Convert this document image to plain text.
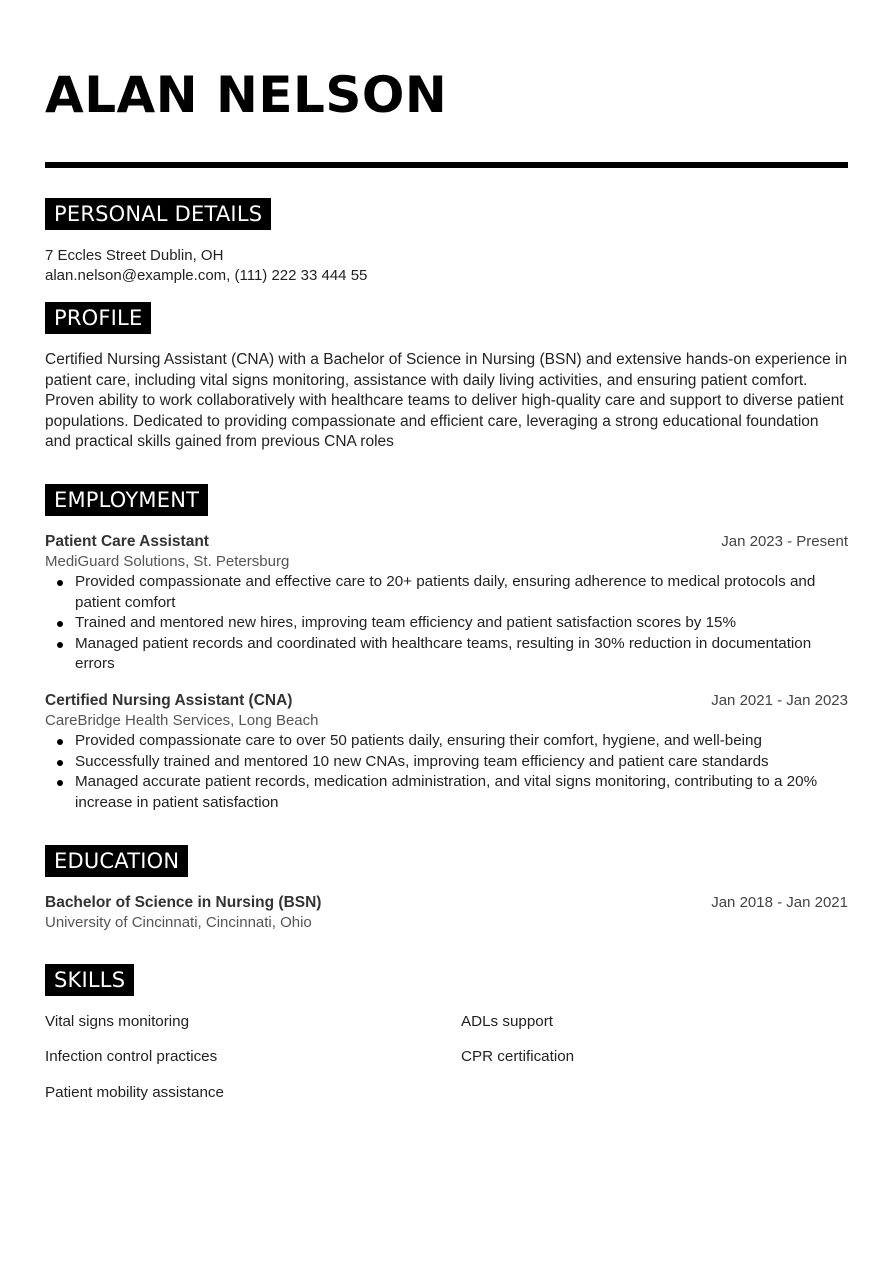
ALAN NELSON
PERSONAL DETAILS
7 Eccles Street Dublin, OH
alan.nelson@example.com, (111) 222 33 444 55
PROFILE

Certified Nursing Assistant (CNA) with a Bachelor of Science in Nursing (BSN) and extensive hands-on experience in patient care, including vital signs monitoring, assistance with daily living activities, and ensuring patient comfort. Proven ability to work collaboratively with healthcare teams to deliver high-quality care and support to diverse patient populations. Dedicated to providing compassionate and efficient care, leveraging a strong educational foundation and practical skills gained from previous CNA roles

EMPLOYMENT
Patient Care Assistant	Jan 2023 - Present
MediGuard Solutions, St. Petersburg
Provided compassionate and effective care to 20+ patients daily, ensuring adherence to medical protocols and patient comfort
Trained and mentored new hires, improving team efficiency and patient satisfaction scores by 15%
Managed patient records and coordinated with healthcare teams, resulting in 30% reduction in documentation errors
Certified Nursing Assistant (CNA)	Jan 2021 - Jan 2023
CareBridge Health Services, Long Beach
Provided compassionate care to over 50 patients daily, ensuring their comfort, hygiene, and well-being
Successfully trained and mentored 10 new CNAs, improving team efficiency and patient care standards
Managed accurate patient records, medication administration, and vital signs monitoring, contributing to a 20% increase in patient satisfaction
EDUCATION
Bachelor of Science in Nursing (BSN)	Jan 2018 - Jan 2021
University of Cincinnati, Cincinnati, Ohio
SKILLS
Vital signs monitoring	ADLs support
Infection control practices	CPR certification
Patient mobility assistance
